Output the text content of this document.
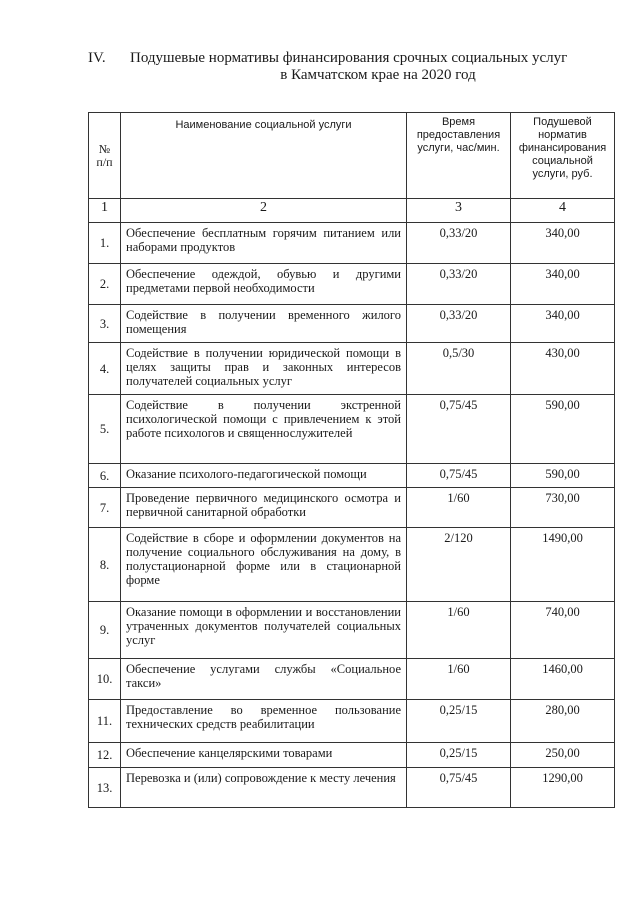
IV.	Подушевые нормативы финансирования срочных социальных услуг
в Камчатском крае на 2020 год
№ п/п	Наименование социальной услуги	Время предоставления услуги, час/мин.	Подушевой норматив финансирования социальной услуги, руб.
1	2	3	4
1.	Обеспечение бесплатным горячим питанием или наборами продуктов	0,33/20	340,00
2.	Обеспечение одеждой, обувью и другими предметами первой необходимости	0,33/20	340,00
3.	Содействие в получении временного жилого помещения	0,33/20	340,00
4.	Содействие в получении юридической помощи в целях защиты прав и законных интересов получателей социальных услуг	0,5/30	430,00
5.	Содействие в получении экстренной психологической помощи с привлечением к этой работе психологов и священнослужителей	0,75/45	590,00
6.	Оказание психолого-педагогической помощи	0,75/45	590,00
7.	Проведение первичного медицинского осмотра и первичной санитарной обработки	1/60	730,00
8.	Содействие в сборе и оформлении документов на получение социального обслуживания на дому, в полустационарной форме или в стационарной форме	2/120	1490,00
9.	Оказание помощи в оформлении и восстановлении утраченных документов получателей социальных услуг	1/60	740,00
10.	Обеспечение услугами службы «Социальное такси»	1/60	1460,00
11.	Предоставление во временное пользование технических средств реабилитации	0,25/15	280,00
12.	Обеспечение канцелярскими товарами	0,25/15	250,00
13.	Перевозка и (или) сопровождение к месту лечения	0,75/45	1290,00
